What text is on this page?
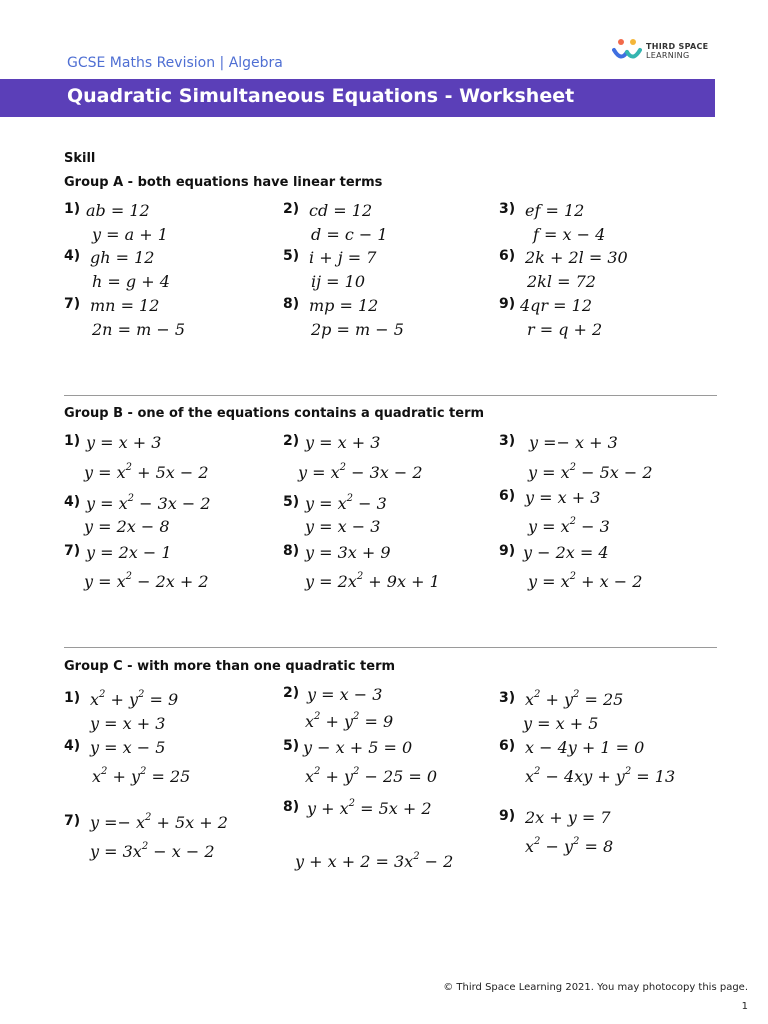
GCSE Maths Revision | Algebra
THIRD SPACE
LEARNING
Quadratic Simultaneous Equations - Worksheet
Skill
Group A - both equations have linear terms
1) ab = 12
y = a + 1
2) cd = 12
d = c − 1
3) ef = 12
f = x − 4
4) gh = 12
h = g + 4
5) i + j = 7
ij = 10
6) 2k + 2l = 30
2kl = 72
7) mn = 12
2n = m − 5
8) mp = 12
2p = m − 5
9) 4qr = 12
r = q + 2
Group B - one of the equations contains a quadratic term
1) y = x + 3
$y = x^2 + 5x - 2$
2) y = x + 3
$y = x^2 - 3x - 2$
3) y =− x + 3
$y = x^2 - 5x - 2$
4) $y = x^2 - 3x - 2$
y = 2x − 8
5) $y = x^2 - 3$
y = x − 3
6) y = x + 3
$y = x^2 - 3$
7) y = 2x − 1
$y = x^2 - 2x + 2$
8) y = 3x + 9
$y = 2x^2 + 9x + 1$
9) y − 2x = 4
$y = x^2 + x - 2$
Group C - with more than one quadratic term
1) $x^2 + y^2 = 9$
y = x + 3
2) y = x − 3
$x^2 + y^2 = 9$
3) $x^2 + y^2 = 25$
y = x + 5
4) y = x − 5
$x^2 + y^2 = 25$
5) y − x + 5 = 0
$x^2 + y^2 - 25 = 0$
6) x − 4y + 1 = 0
$x^2 - 4xy + y^2 = 13$
7) $y =- x^2 + 5x + 2$
$y = 3x^2 - x - 2$
8) $y + x^2 = 5x + 2$
$y + x + 2 = 3x^2 - 2$
9) 2x + y = 7
$x^2 - y^2 = 8$
© Third Space Learning 2021. You may photocopy this page.
1
